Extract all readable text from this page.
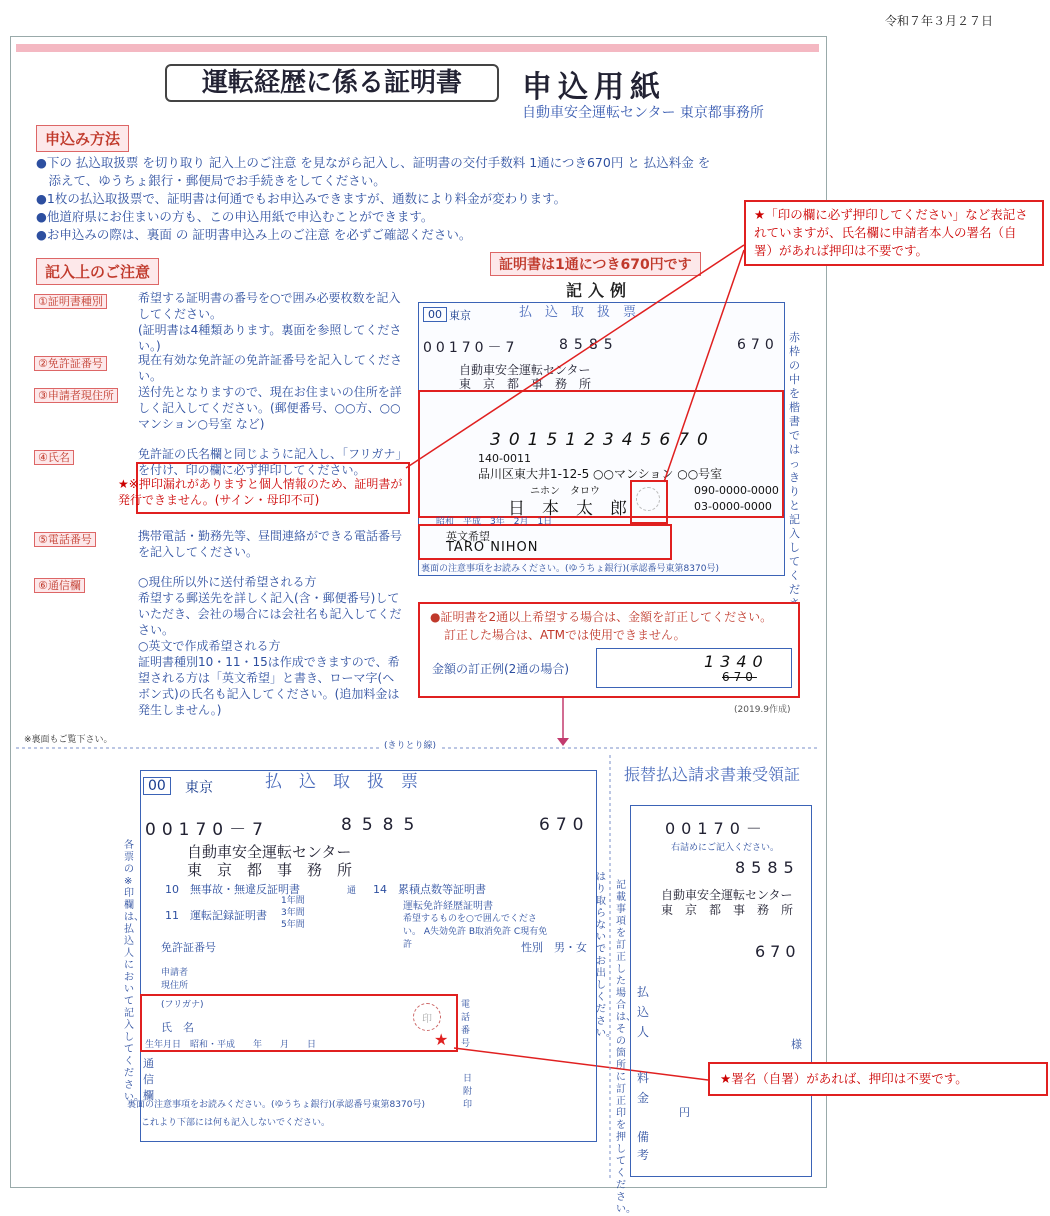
令和７年３月２７日
運転経歴に係る証明書	申込用紙
自動車安全運転センター 東京都事務所
申込み方法
●下の 払込取扱票 を切り取り 記入上のご注意 を見ながら記入し、証明書の交付手数料 1通につき670円 と 払込料金 を
　添えて、ゆうちょ銀行・郵便局でお手続きをしてください。
●1枚の払込取扱票で、証明書は何通でもお申込みできますが、通数により料金が変わります。
●他道府県にお住まいの方も、この申込用紙で申込むことができます。
●お申込みの際は、裏面 の 証明書申込み上のご注意 を必ずご確認ください。
記入上のご注意
①証明書種別	希望する証明書の番号を○で囲み必要枚数を記入してください。
(証明書は4種類あります。裏面を参照してください。)
②免許証番号	現在有効な免許証の免許証番号を記入してください。
③申請者現住所 送付先となりますので、現在お住まいの住所を詳しく記入してください。(郵便番号、○○方、○○マンション○号室 など)
④氏名	免許証の氏名欄と同じように記入し、「フリガナ」を付け、印の欄に必ず押印してください。
⑤電話番号	携帯電話・勤務先等、昼間連絡ができる電話番号を記入してください。
⑥通信欄	○現住所以外に送付希望される方
希望する郵送先を詳しく記入(含・郵便番号)していただき、会社の場合には会社名も記入してください。
○英文で作成希望される方
証明書種別10・11・15は作成できますので、希望される方は「英文希望」と書き、ローマ字(ヘボン式)の氏名も記入してください。(追加料金は発生しません。)
★※押印漏れがありますと個人情報のため、証明書が発行できません。(サイン・母印不可)
証明書は1通につき670円です
記入例
00 東京	払　込　取　扱　票
00170－7	8585	670
自動車安全運転センター
東　京　都　事　務　所
赤枠の中を楷書ではっきりと記入してくだ
裏面の注意事項をお読みください。(ゆうちょ銀行)(承認番号東第8370号)
301512345670
140-0011
品川区東大井1-12-5 ○○マンション ○○号室
ニホン　タロウ
日　本　太　郎
090-0000-0000
03-0000-0000
昭和　平成　3年　2月　1日
英文希望
TARO NIHON
●証明書を2通以上希望する場合は、金額を訂正してください。
訂正した場合は、ATMでは使用できません。
金額の訂正例(2通の場合)	1340
670
(2019.9作成)
★「印の欄に必ず押印してください」など表記されていますが、氏名欄に申請者本人の署名（自署）があれば押印は不要です。
※裏面もご覧下さい。
(きりとり線)
00	東京	払　込　取　扱　票
00170－7	8585	670
自動車安全運転センター
東　京　都　事　務　所
10　無事故・無違反証明書
11　運転記録証明書
1年間
3年間
5年間
通 14　累積点数等証明書
運転免許経歴証明書
希望するものを○で囲んでください。 A失効免許 B取消免許 C現有免許
免許証番号	性別　男・女
申請者現住所
(フリガナ)
氏　名
生年月日　昭和・平成　　年　　月　　日
通信欄
電話番号
印
日附印
裏面の注意事項をお読みください。(ゆうちょ銀行)(承認番号東第8370号)
これより下部には何も記入しないでください。
各票の※印欄は、払込人において記入してください。
はり取らないでお出しください。
★
振替払込請求書兼受領証
00170－
右詰めにご記入ください。
8585
自動車安全運転センター
東　京　都　事　務　所
670
払　込　人
様
料　金
円
備　考
記載事項を訂正した場合は、その箇所に訂正印を押してください。
★署名（自署）があれば、押印は不要です。
